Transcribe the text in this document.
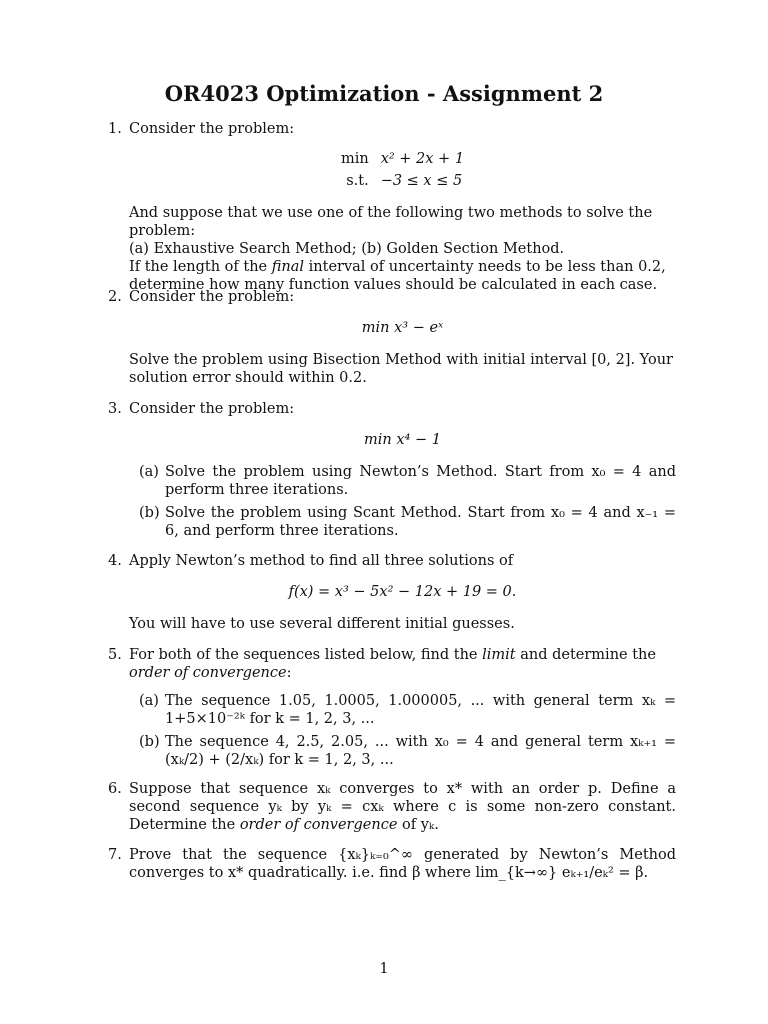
OR4023 Optimization - Assignment 2
1. Consider the problem:

min	x² + 2x + 1
s.t.	−3 ≤ x ≤ 5

And suppose that we use one of the following two methods to solve the problem:

(a) Exhaustive Search Method; (b) Golden Section Method.

If the length of the final interval of uncertainty needs to be less than 0.2, determine how many function values should be calculated in each case.

2. Consider the problem:

min x³ − eˣ

Solve the problem using Bisection Method with initial interval [0, 2]. Your solution error should within 0.2.

3. Consider the problem:

min x⁴ − 1

(a) Solve the problem using Newton’s Method. Start from x₀ = 4 and perform three iterations.

(b) Solve the problem using Scant Method. Start from x₀ = 4 and x₋₁ = 6, and perform three iterations.

4. Apply Newton’s method to find all three solutions of

f(x) = x³ − 5x² − 12x + 19 = 0.

You will have to use several different initial guesses.

5. For both of the sequences listed below, find the limit and determine the order of convergence:

(a) The sequence 1.05, 1.0005, 1.000005, ... with general term xₖ = 1+5×10⁻²ᵏ for k = 1, 2, 3, ...

(b) The sequence 4, 2.5, 2.05, ... with x₀ = 4 and general term xₖ₊₁ = (xₖ/2) + (2/xₖ) for k = 1, 2, 3, ...

6. Suppose that sequence xₖ converges to x* with an order p. Define a second sequence yₖ by yₖ = cxₖ where c is some non-zero constant. Determine the order of convergence of yₖ.

7. Prove that the sequence {xₖ}ₖ₌₀^∞ generated by Newton’s Method converges to x* quadratically. i.e. find β where lim_{k→∞} eₖ₊₁/eₖ² = β.

1
